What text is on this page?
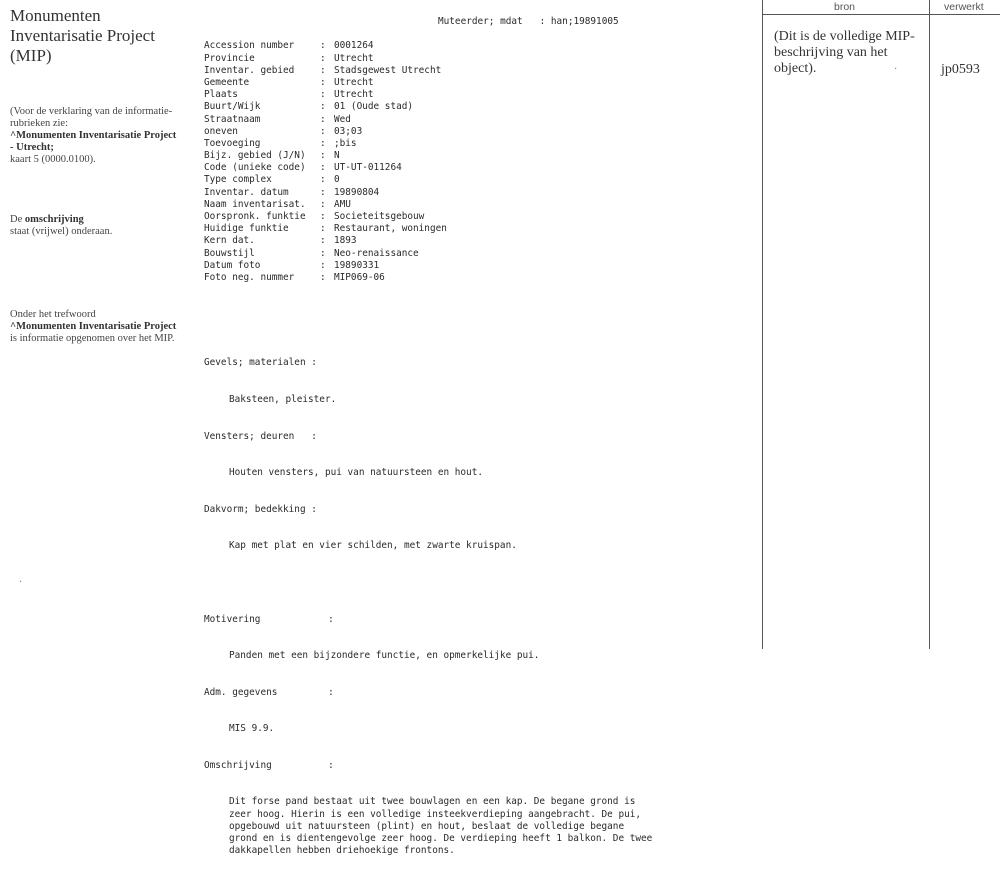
Monumenten Inventarisatie Project (MIP)
(Voor de verklaring van de informatie-rubrieken zie:
^Monumenten Inventarisatie Project - Utrecht;
kaart 5 (0000.0100).
De omschrijving
staat (vrijwel) onderaan.
Onder het trefwoord
^Monumenten Inventarisatie Project is informatie opgenomen over het MIP.

Accession number	: 0001264
Provincie	: Utrecht
Inventar. gebied	: Stadsgewest Utrecht
Gemeente	: Utrecht
Plaats	: Utrecht
Buurt/Wijk	: 01 (Oude stad)
Straatnaam	: Wed
oneven	: 03;03
Toevoeging	: ;bis
Bijz. gebied (J/N) : N
Code (unieke code) : UT-UT-011264
Type complex	: 0
Inventar. datum	: 19890804
Naam inventarisat. : AMU
Oorspronk. funktie : Societeitsgebouw
Huidige funktie	: Restaurant, woningen
Kern dat.	: 1893
Bouwstijl	: Neo-renaissance
Datum foto	: 19890331
Foto neg. nummer	: MIP069-06

Muteerder; mdat : han;19891005

Gevels; materialen :

Baksteen, pleister.

Vensters; deuren   :

Houten vensters, pui van natuursteen en hout.

Dakvorm; bedekking :

Kap met plat en vier schilden, met zwarte kruispan.

Motivering            :

Panden met een bijzondere functie, en opmerkelijke pui.

Adm. gegevens         :

MIS 9.9.

Omschrijving          :

Dit forse pand bestaat uit twee bouwlagen en een kap. De begane grond is
zeer hoog. Hierin is een volledige insteekverdieping aangebracht. De pui,
opgebouwd uit natuursteen (plint) en hout, beslaat de volledige begane
grond en is dientengevolge zeer hoog. De verdieping heeft 1 balkon. De twee
dakkapellen hebben driehoekige frontons.

bron	verwerkt
(Dit is de volledige MIP-beschrijving van het object).	jp0593
·
·
